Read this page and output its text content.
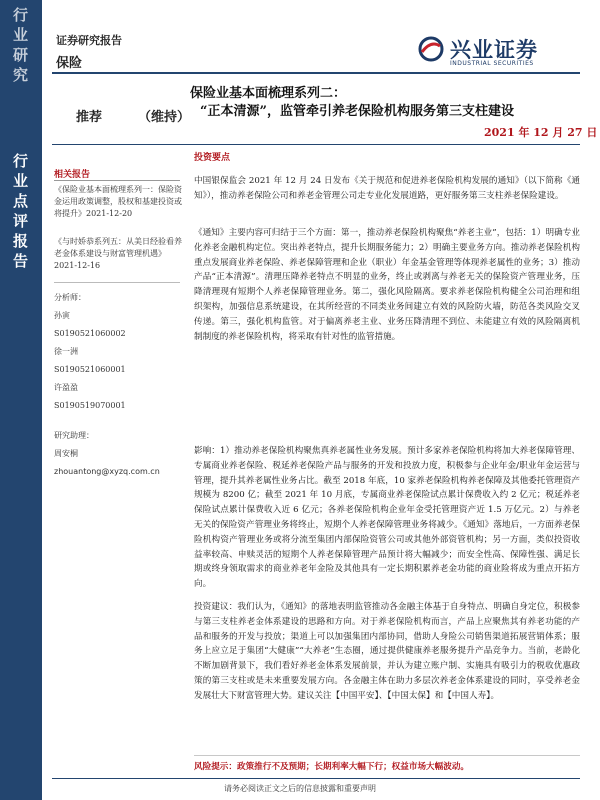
行
业
研
究
行
业
点
评
报
告
证券研究报告
保险
兴业证券
INDUSTRIAL SECURITIES
保险业基本面梳理系列二：
“正本清源”，监管牵引养老保险机构服务第三支柱建设
推荐	（维持）
2021 年 12 月 27 日
相关报告
《保险业基本面梳理系列一：保险资金运用政策调整，股权和基建投资或将提升》2021-12-20
《与时娇恭系列五：从美日经验看养老金体系建设与财富管理机遇》2021-12-16
分析师：
孙寅
S0190521060002
徐一洲
S0190521060001
许盈盈
S0190519070001
研究助理：
周安桐
zhouantong@xyzq.com.cn
投资要点

中国银保监会 2021 年 12 月 24 日发布《关于规范和促进养老保险机构发展的通知》（以下简称《通知》），推动养老保险公司和养老金管理公司走专业化发展道路，更好服务第三支柱养老保险建设。

《通知》主要内容可归结于三个方面：第一，推动养老保险机构聚焦“养老主业”，包括：1）明确专业化养老金融机构定位。突出养老特点，提升长期服务能力；2）明确主要业务方向。推动养老保险机构重点发展商业养老保险、养老保障管理和企业（职业）年金基金管理等体现养老属性的业务；3）推动产品“正本清源”。清理压降养老特点不明显的业务，终止或剥离与养老无关的保险资产管理业务，压降清理现有短期个人养老保障管理业务。第二，强化风险隔离。要求养老保险机构健全公司治理和组织架构，加强信息系统建设，在其所经营的不同类业务间建立有效的风险防火墙，防范各类风险交叉传递。第三，强化机构监管。对于偏离养老主业、业务压降清理不到位、未能建立有效的风险隔离机制制度的养老保险机构，将采取有针对性的监管措施。

影响：1）推动养老保险机构聚焦真养老属性业务发展。预计多家养老保险机构将加大养老保障管理、专属商业养老保险、税延养老保险产品与服务的开发和投放力度，积极参与企业年金/职业年金运营与管理，提升其养老属性业务占比。截至 2018 年底，10 家养老保险机构养老保障及其他委托管理资产规模为 8200 亿；截至 2021 年 10 月底，专属商业养老保险试点累计保费收入约 2 亿元；税延养老保险试点累计保费收入近 6 亿元；各养老保险机构企业年金受托管理资产近 1.5 万亿元。2）与养老无关的保险资产管理业务将终止，短期个人养老保障管理业务将减少。《通知》落地后，一方面养老保险机构资产管理业务或将分流至集团内部保险资管公司或其他外部资管机构；另一方面，类似投资收益率较高、申赎灵活的短期个人养老保障管理产品预计将大幅减少；而安全性高、保障性强、满足长期或终身领取需求的商业养老年金险及其他具有一定长期积累养老金功能的商业险将成为重点开拓方向。

投资建议：我们认为，《通知》的落地表明监管推动各金融主体基于自身特点、明确自身定位，积极参与第三支柱养老金体系建设的思路和方向。对于养老保险机构而言，产品上应聚焦其有养老功能的产品和服务的开发与投放；渠道上可以加强集团内部协同，借助人身险公司销售渠道拓展营销体系；服务上应立足于集团“大健康”“大养老”生态圈，通过提供健康养老服务提升产品竞争力。当前，老龄化不断加剧背景下，我们看好养老金体系发展前景，并认为建立账户制、实施具有吸引力的税收优惠政策的第三支柱或是未来重要发展方向。各金融主体在助力多层次养老金体系建设的同时，享受养老金发展壮大下财富管理大势。建议关注【中国平安】、【中国太保】和【中国人寿】。

风险提示：政策推行不及预期；长期利率大幅下行；权益市场大幅波动。
请务必阅读正文之后的信息披露和重要声明
